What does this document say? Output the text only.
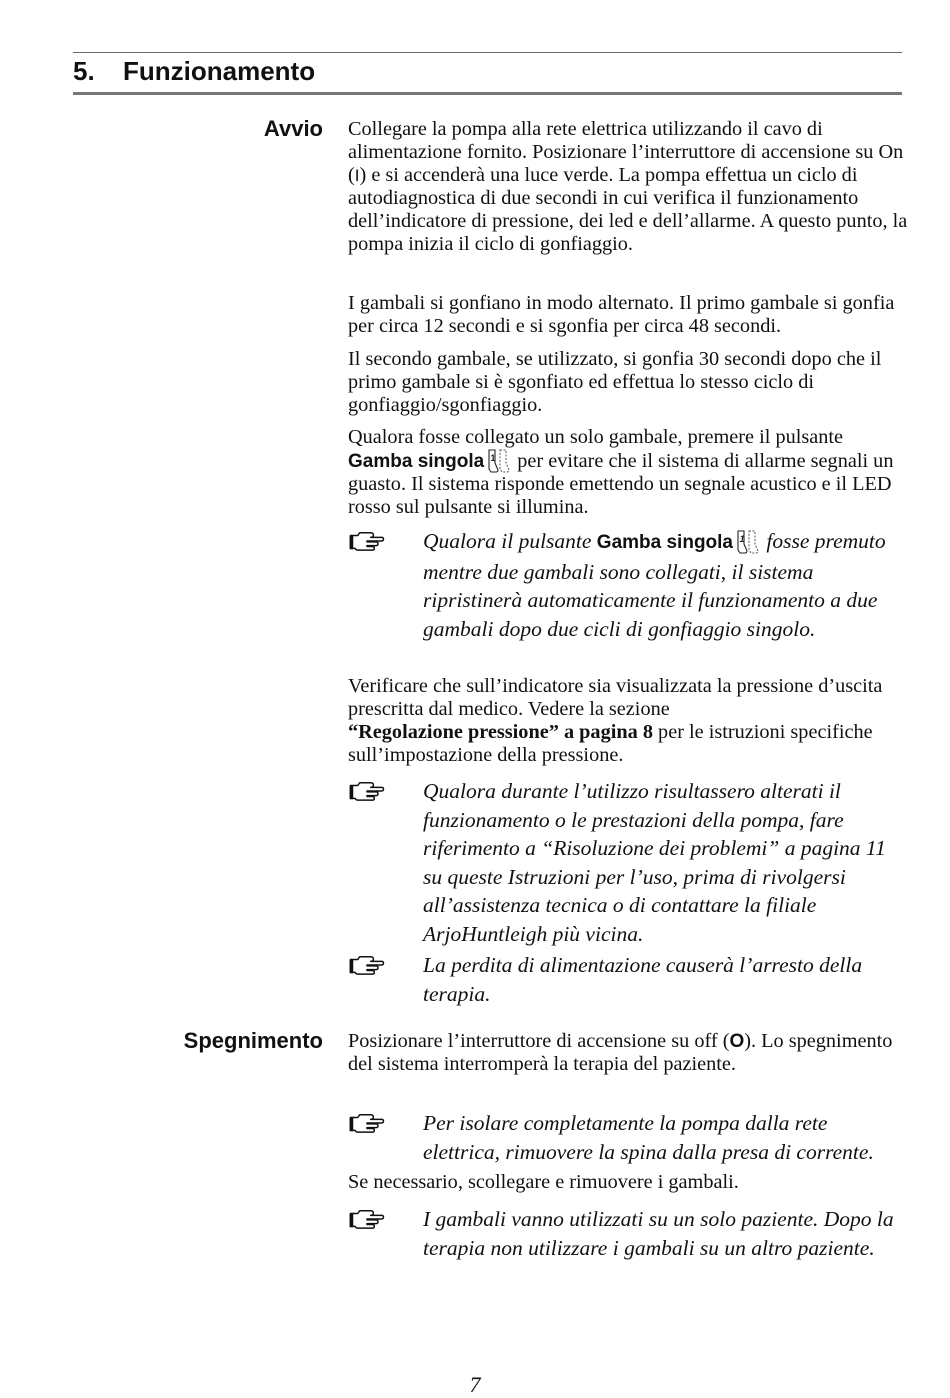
5. Funzionamento
Avvio Collegare la pompa alla rete elettrica utilizzando il cavo di alimentazione fornito. Posizionare l’interruttore di accensione su On (I) e si accenderà una luce verde. La pompa effettua un ciclo di autodiagnostica di due secondi in cui verifica il funzionamento dell’indicatore di pressione, dei led e dell’allarme. A questo punto, la pompa inizia il ciclo di gonfiaggio.

I gambali si gonfiano in modo alternato. Il primo gambale si gonfia per circa 12 secondi e si sgonfia per circa 48 secondi.

Il secondo gambale, se utilizzato, si gonfia 30 secondi dopo che il primo gambale si è sgonfiato ed effettua lo stesso ciclo di gonfiaggio/sgonfiaggio.

Qualora fosse collegato un solo gambale, premere il pulsante
Gamba singola per evitare che il sistema di allarme segnali un guasto. Il sistema risponde emettendo un segnale acustico e il LED rosso sul pulsante si illumina.

Qualora il pulsante Gamba singola fosse premuto mentre due gambali sono collegati, il sistema ripristinerà automaticamente il funzionamento a due gambali dopo due cicli di gonfiaggio singolo.

Verificare che sull’indicatore sia visualizzata la pressione d’uscita prescritta dal medico. Vedere la sezione
“Regolazione pressione” a pagina 8 per le istruzioni specifiche sull’impostazione della pressione.

Qualora durante l’utilizzo risultassero alterati il funzionamento o le prestazioni della pompa, fare riferimento a “Risoluzione dei problemi” a pagina 11 su queste Istruzioni per l’uso, prima di rivolgersi all’assistenza tecnica o di contattare la filiale ArjoHuntleigh più vicina.
La perdita di alimentazione causerà l’arresto della terapia.
Spegnimento Posizionare l’interruttore di accensione su off (O). Lo spegnimento del sistema interromperà la terapia del paziente.

Per isolare completamente la pompa dalla rete elettrica, rimuovere la spina dalla presa di corrente.

Se necessario, scollegare e rimuovere i gambali.

I gambali vanno utilizzati su un solo paziente. Dopo la terapia non utilizzare i gambali su un altro paziente.
7
